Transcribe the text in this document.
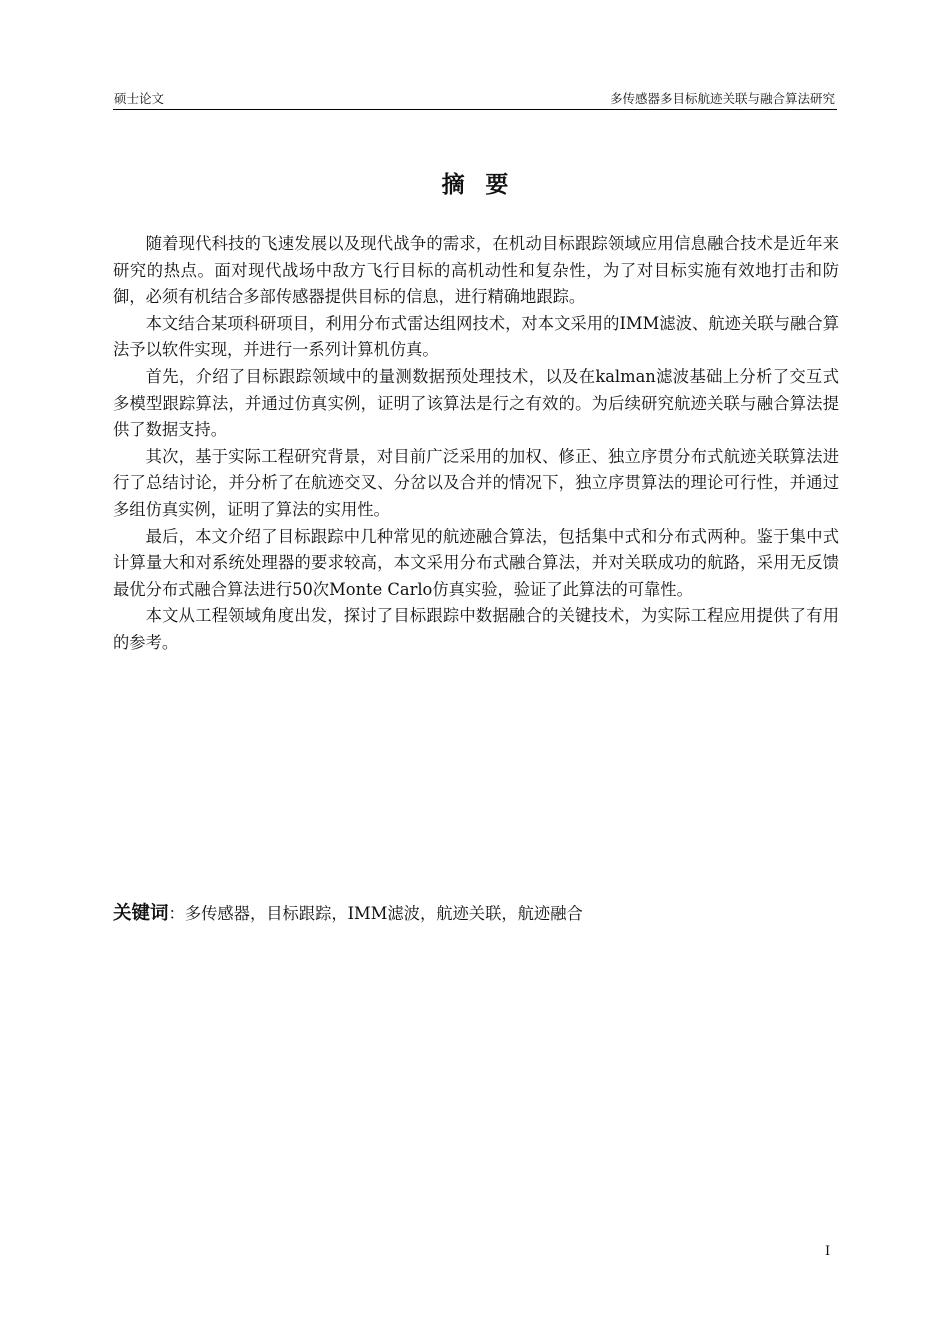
硕士论文	多传感器多目标航迹关联与融合算法研究
摘要

随着现代科技的飞速发展以及现代战争的需求，在机动目标跟踪领域应用信息融合技术是近年来研究的热点。面对现代战场中敌方飞行目标的高机动性和复杂性，为了对目标实施有效地打击和防御，必须有机结合多部传感器提供目标的信息，进行精确地跟踪。

本文结合某项科研项目，利用分布式雷达组网技术，对本文采用的IMM滤波、航迹关联与融合算法予以软件实现，并进行一系列计算机仿真。

首先，介绍了目标跟踪领域中的量测数据预处理技术，以及在kalman滤波基础上分析了交互式多模型跟踪算法，并通过仿真实例，证明了该算法是行之有效的。为后续研究航迹关联与融合算法提供了数据支持。

其次，基于实际工程研究背景，对目前广泛采用的加权、修正、独立序贯分布式航迹关联算法进行了总结讨论，并分析了在航迹交叉、分岔以及合并的情况下，独立序贯算法的理论可行性，并通过多组仿真实例，证明了算法的实用性。

最后，本文介绍了目标跟踪中几种常见的航迹融合算法，包括集中式和分布式两种。鉴于集中式计算量大和对系统处理器的要求较高，本文采用分布式融合算法，并对关联成功的航路，采用无反馈最优分布式融合算法进行50次Monte Carlo仿真实验，验证了此算法的可靠性。

本文从工程领域角度出发，探讨了目标跟踪中数据融合的关键技术，为实际工程应用提供了有用的参考。

关键词：多传感器，目标跟踪，IMM滤波，航迹关联，航迹融合
I
